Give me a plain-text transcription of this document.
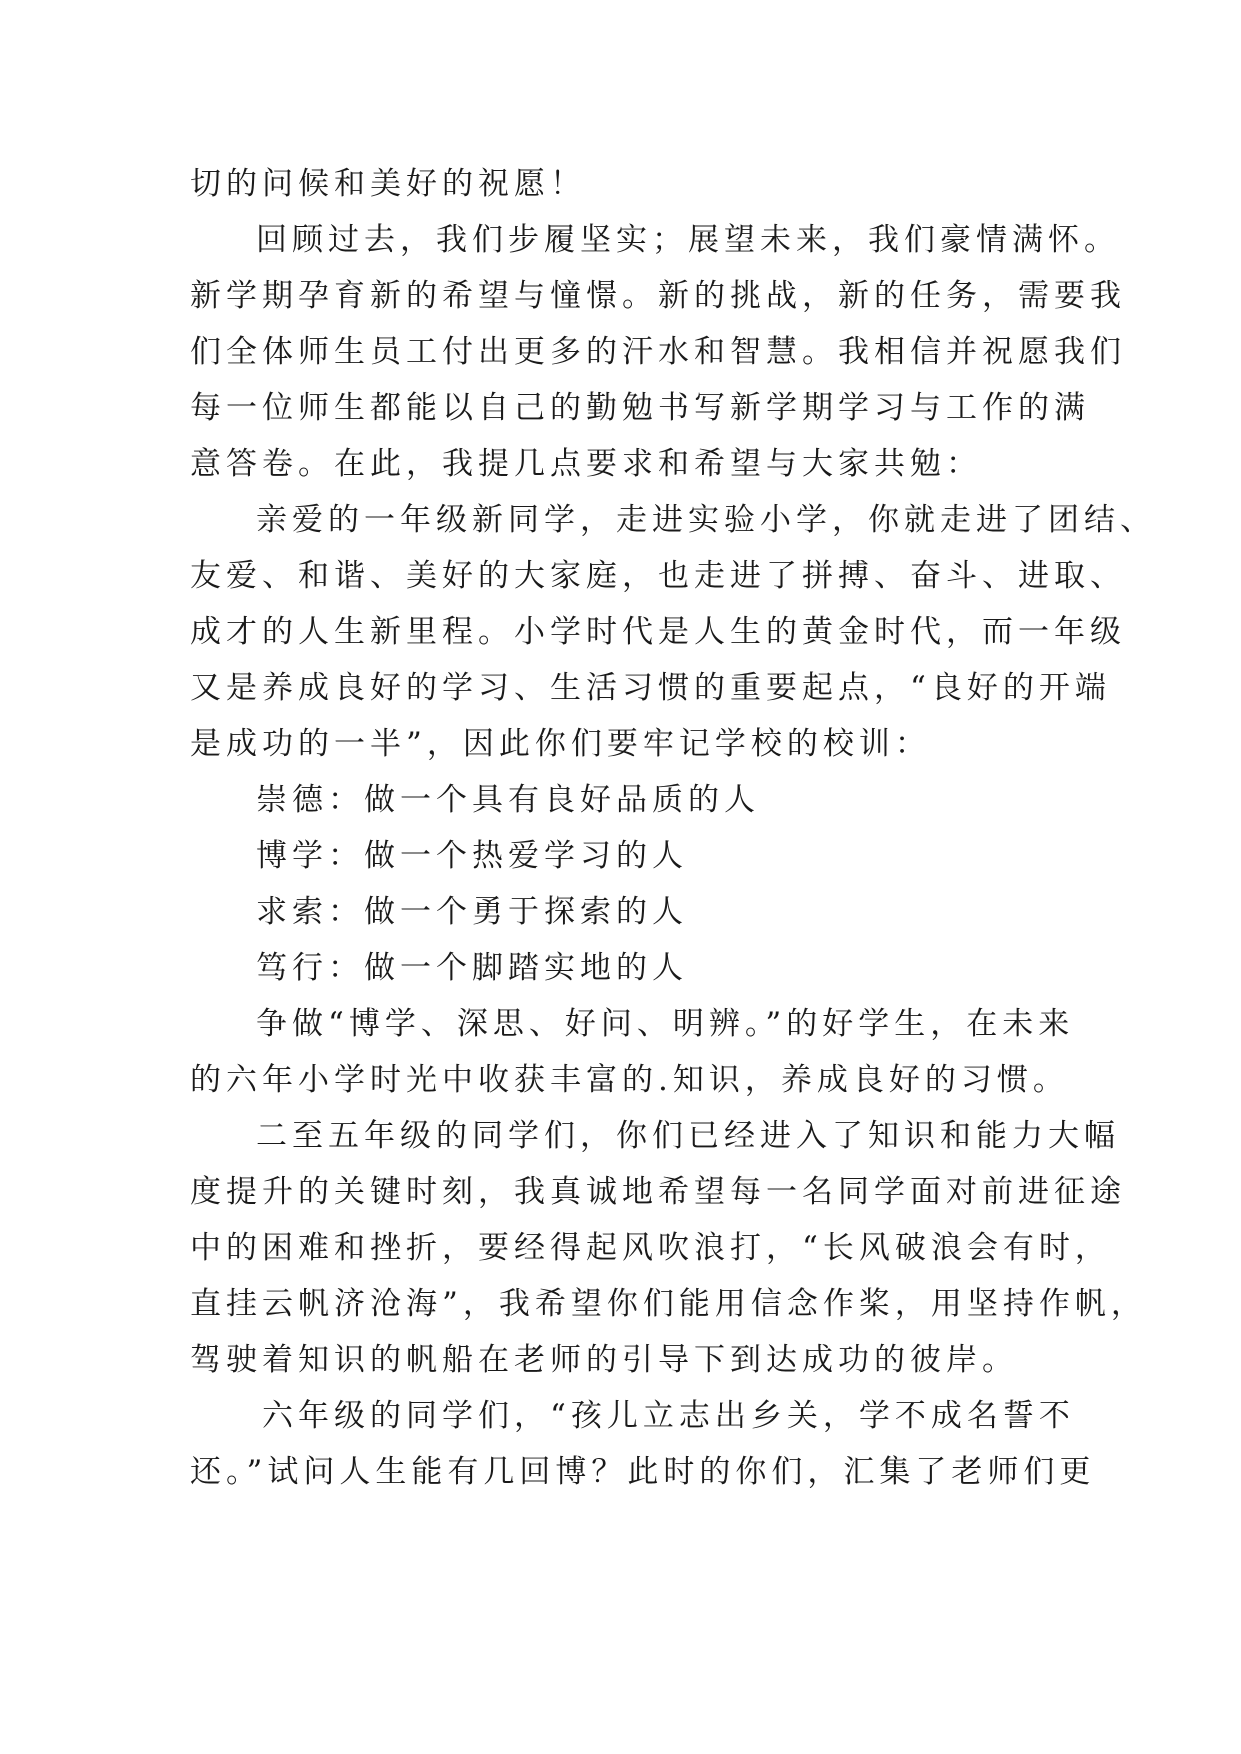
切的问候和美好的祝愿！
回顾过去，我们步履坚实；展望未来，我们豪情满怀。
新学期孕育新的希望与憧憬。新的挑战，新的任务，需要我
们全体师生员工付出更多的汗水和智慧。我相信并祝愿我们
每一位师生都能以自己的勤勉书写新学期学习与工作的满
意答卷。在此，我提几点要求和希望与大家共勉：
亲爱的一年级新同学，走进实验小学，你就走进了团结、
友爱、和谐、美好的大家庭，也走进了拼搏、奋斗、进取、
成才的人生新里程。小学时代是人生的黄金时代，而一年级
又是养成良好的学习、生活习惯的重要起点，“良好的开端
是成功的一半”，因此你们要牢记学校的校训：
崇德：做一个具有良好品质的人
博学：做一个热爱学习的人
求索：做一个勇于探索的人
笃行：做一个脚踏实地的人
争做“博学、深思、好问、明辨。”的好学生，在未来
的六年小学时光中收获丰富的.知识，养成良好的习惯。
二至五年级的同学们，你们已经进入了知识和能力大幅
度提升的关键时刻，我真诚地希望每一名同学面对前进征途
中的困难和挫折，要经得起风吹浪打，“长风破浪会有时，
直挂云帆济沧海”，我希望你们能用信念作桨，用坚持作帆，
驾驶着知识的帆船在老师的引导下到达成功的彼岸。
六年级的同学们，“孩儿立志出乡关，学不成名誓不
还。”试问人生能有几回博？此时的你们，汇集了老师们更
